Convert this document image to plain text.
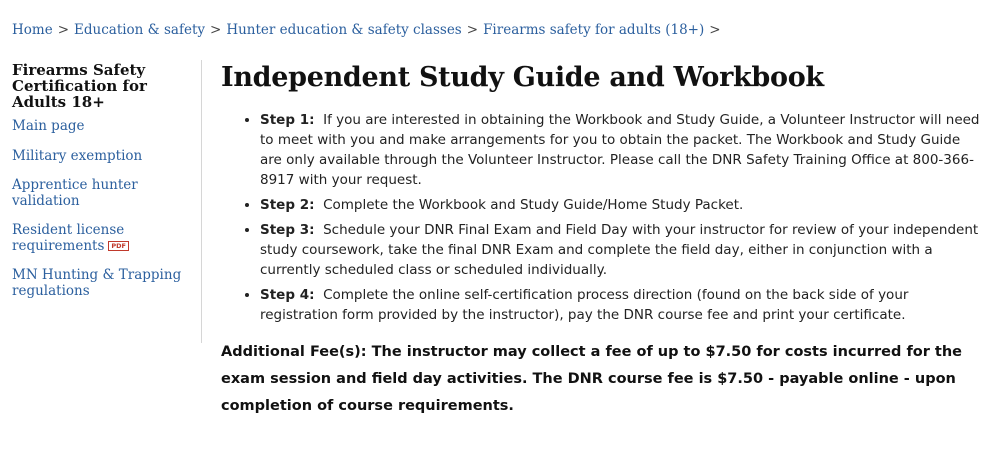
Home > Education & safety > Hunter education & safety classes > Firearms safety for adults (18+) >
Firearms Safety Certification for Adults 18+
Main page
Military exemption
Apprentice hunter validation
Resident license requirements PDF
MN Hunting & Trapping regulations
Independent Study Guide and Workbook
• Step 1: If you are interested in obtaining the Workbook and Study Guide, a Volunteer Instructor will need to meet with you and make arrangements for you to obtain the packet. The Workbook and Study Guide are only available through the Volunteer Instructor. Please call the DNR Safety Training Office at 800-366-8917 with your request.
• Step 2: Complete the Workbook and Study Guide/Home Study Packet.
• Step 3: Schedule your DNR Final Exam and Field Day with your instructor for review of your independent study coursework, take the final DNR Exam and complete the field day, either in conjunction with a currently scheduled class or scheduled individually.
• Step 4: Complete the online self-certification process direction (found on the back side of your registration form provided by the instructor), pay the DNR course fee and print your certificate.
Additional Fee(s): The instructor may collect a fee of up to $7.50 for costs incurred for the exam session and field day activities. The DNR course fee is $7.50 - payable online - upon completion of course requirements.
